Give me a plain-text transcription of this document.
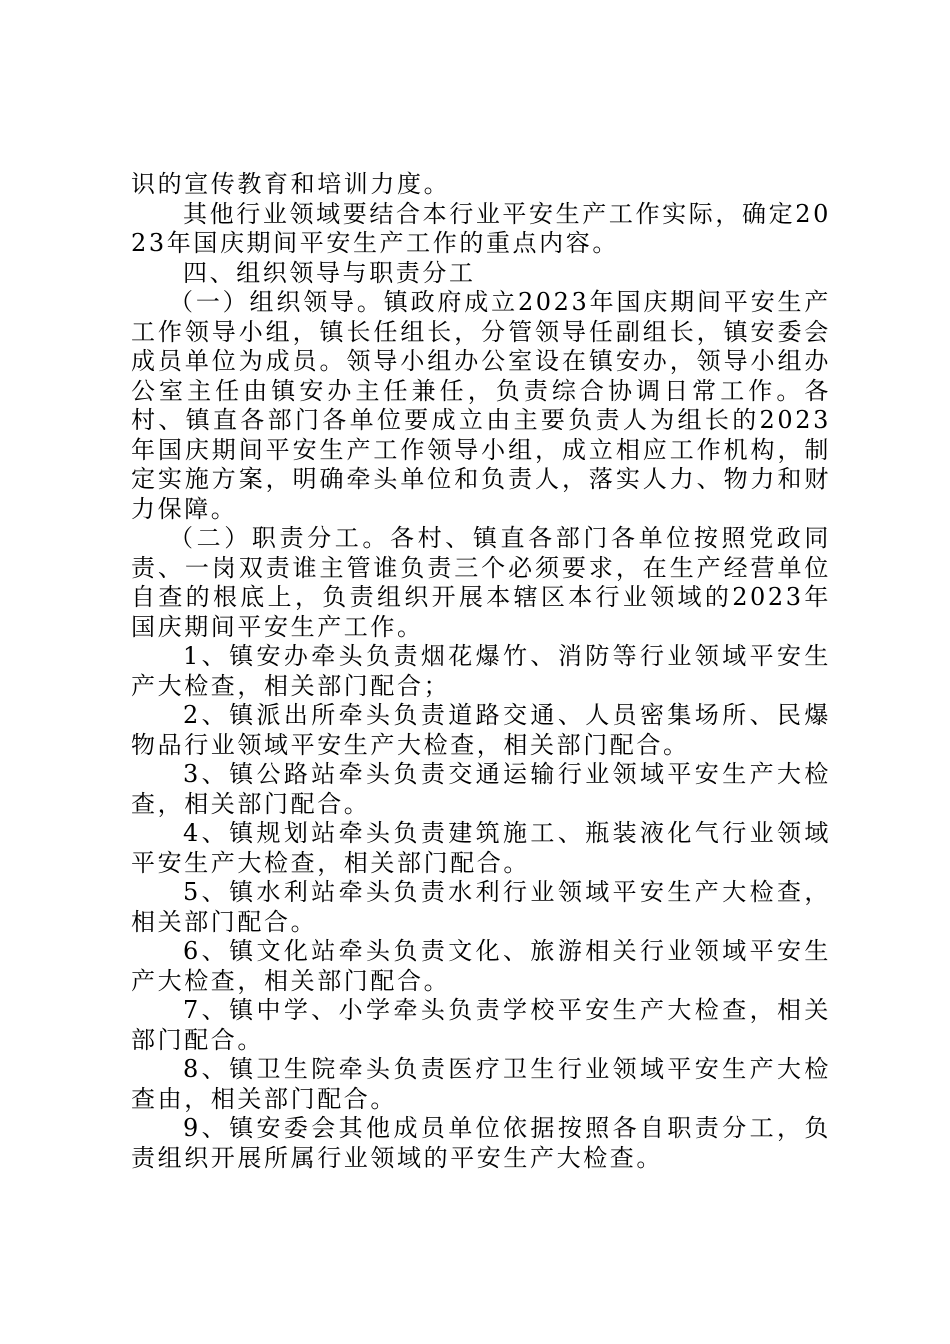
识的宣传教育和培训力度。

其他行业领域要结合本行业平安生产工作实际，确定2023年国庆期间平安生产工作的重点内容。

四、组织领导与职责分工

（一）组织领导。镇政府成立2023年国庆期间平安生产工作领导小组，镇长任组长，分管领导任副组长，镇安委会成员单位为成员。领导小组办公室设在镇安办，领导小组办公室主任由镇安办主任兼任，负责综合协调日常工作。各村、镇直各部门各单位要成立由主要负责人为组长的2023年国庆期间平安生产工作领导小组，成立相应工作机构，制定实施方案，明确牵头单位和负责人，落实人力、物力和财力保障。

（二）职责分工。各村、镇直各部门各单位按照党政同责、一岗双责谁主管谁负责三个必须要求，在生产经营单位自查的根底上，负责组织开展本辖区本行业领域的2023年国庆期间平安生产工作。

1、镇安办牵头负责烟花爆竹、消防等行业领域平安生产大检查，相关部门配合；

2、镇派出所牵头负责道路交通、人员密集场所、民爆物品行业领域平安生产大检查，相关部门配合。

3、镇公路站牵头负责交通运输行业领域平安生产大检查，相关部门配合。

4、镇规划站牵头负责建筑施工、瓶装液化气行业领域平安生产大检查，相关部门配合。

5、镇水利站牵头负责水利行业领域平安生产大检查，相关部门配合。

6、镇文化站牵头负责文化、旅游相关行业领域平安生产大检查，相关部门配合。

7、镇中学、小学牵头负责学校平安生产大检查，相关部门配合。

8、镇卫生院牵头负责医疗卫生行业领域平安生产大检查由，相关部门配合。

9、镇安委会其他成员单位依据按照各自职责分工，负责组织开展所属行业领域的平安生产大检查。
